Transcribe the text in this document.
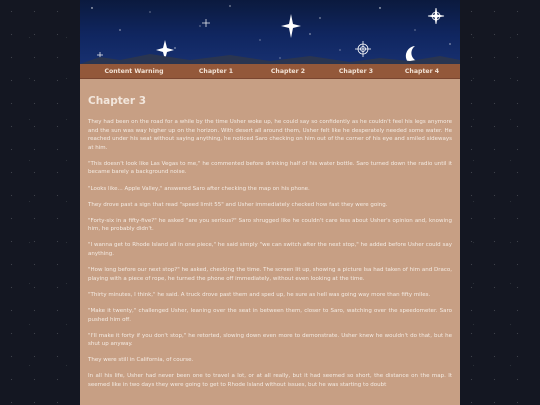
Content Warning	Chapter 1	Chapter 2	Chapter 3	Chapter 4
Chapter 3

They had been on the road for a while by the time Usher woke up, he could say so confidently as he couldn't feel his legs anymore and the sun was way higher up on the horizon. With desert all around them, Usher felt like he desperately needed some water. He reached under his seat without saying anything, he noticed Saro checking on him out of the corner of his eye and smiled sideways at him.

"This doesn't look like Las Vegas to me," he commented before drinking half of his water bottle. Saro turned down the radio until it became barely a background noise.

"Looks like... Apple Valley," answered Saro after checking the map on his phone.

They drove past a sign that read "speed limit 55" and Usher immediately checked how fast they were going.

"Forty-six in a fifty-five?" he asked "are you serious?" Saro shrugged like he couldn't care less about Usher's opinion and, knowing him, he probably didn't.

"I wanna get to Rhode Island all in one piece," he said simply "we can switch after the next stop," he added before Usher could say anything.

"How long before our next stop?" he asked, checking the time. The screen lit up, showing a picture Isa had taken of him and Draco, playing with a piece of rope, he turned the phone off immediately, without even looking at the time.

"Thirty minutes, I think," he said. A truck drove past them and sped up, he sure as hell was going way more than fifty miles.

"Make it twenty," challenged Usher, leaning over the seat in between them, closer to Saro, watching over the speedometer. Saro pushed him off.

"I'll make it forty if you don't stop," he retorted, slowing down even more to demonstrate. Usher knew he wouldn't do that, but he shut up anyway.

They were still in California, of course.

In all his life, Usher had never been one to travel a lot, or at all really, but it had seemed so short, the distance on the map. It seemed like in two days they were going to get to Rhode Island without issues, but he was starting to doubt
